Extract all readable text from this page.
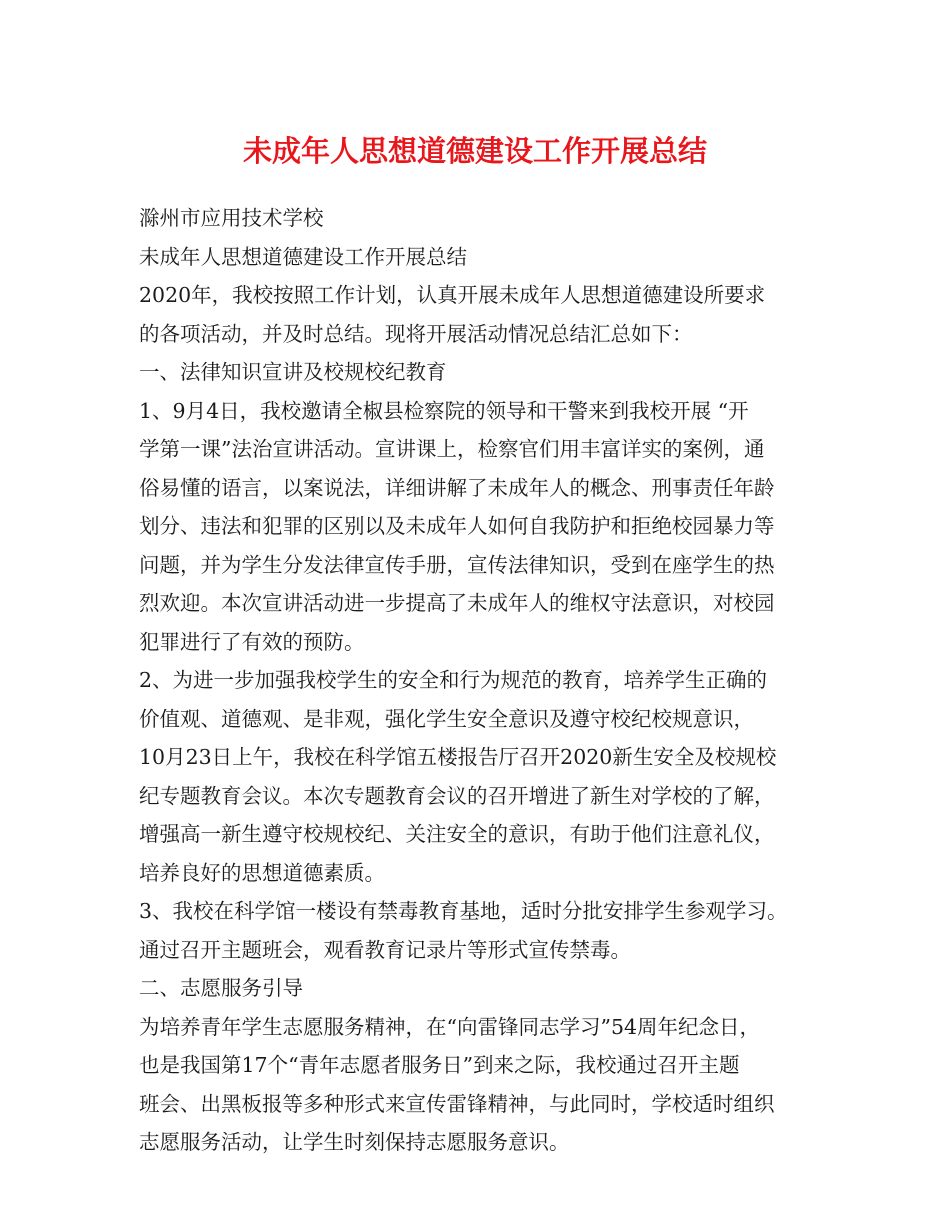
未成年人思想道德建设工作开展总结
滁州市应用技术学校
未成年人思想道德建设工作开展总结
2020年，我校按照工作计划，认真开展未成年人思想道德建设所要求
的各项活动，并及时总结。现将开展活动情况总结汇总如下：
一、法律知识宣讲及校规校纪教育
1、9月4日，我校邀请全椒县检察院的领导和干警来到我校开展 “开
学第一课”法治宣讲活动。宣讲课上，检察官们用丰富详实的案例，通
俗易懂的语言，以案说法，详细讲解了未成年人的概念、刑事责任年龄
划分、违法和犯罪的区别以及未成年人如何自我防护和拒绝校园暴力等
问题，并为学生分发法律宣传手册，宣传法律知识，受到在座学生的热
烈欢迎。本次宣讲活动进一步提高了未成年人的维权守法意识，对校园
犯罪进行了有效的预防。
2、为进一步加强我校学生的安全和行为规范的教育，培养学生正确的
价值观、道德观、是非观，强化学生安全意识及遵守校纪校规意识，
10月23日上午，我校在科学馆五楼报告厅召开2020新生安全及校规校
纪专题教育会议。本次专题教育会议的召开增进了新生对学校的了解，
增强高一新生遵守校规校纪、关注安全的意识，有助于他们注意礼仪，
培养良好的思想道德素质。
3、我校在科学馆一楼设有禁毒教育基地，适时分批安排学生参观学习。
通过召开主题班会，观看教育记录片等形式宣传禁毒。
二、志愿服务引导
为培养青年学生志愿服务精神，在“向雷锋同志学习”54周年纪念日，
也是我国第17个“青年志愿者服务日”到来之际，我校通过召开主题
班会、出黑板报等多种形式来宣传雷锋精神，与此同时，学校适时组织
志愿服务活动，让学生时刻保持志愿服务意识。
